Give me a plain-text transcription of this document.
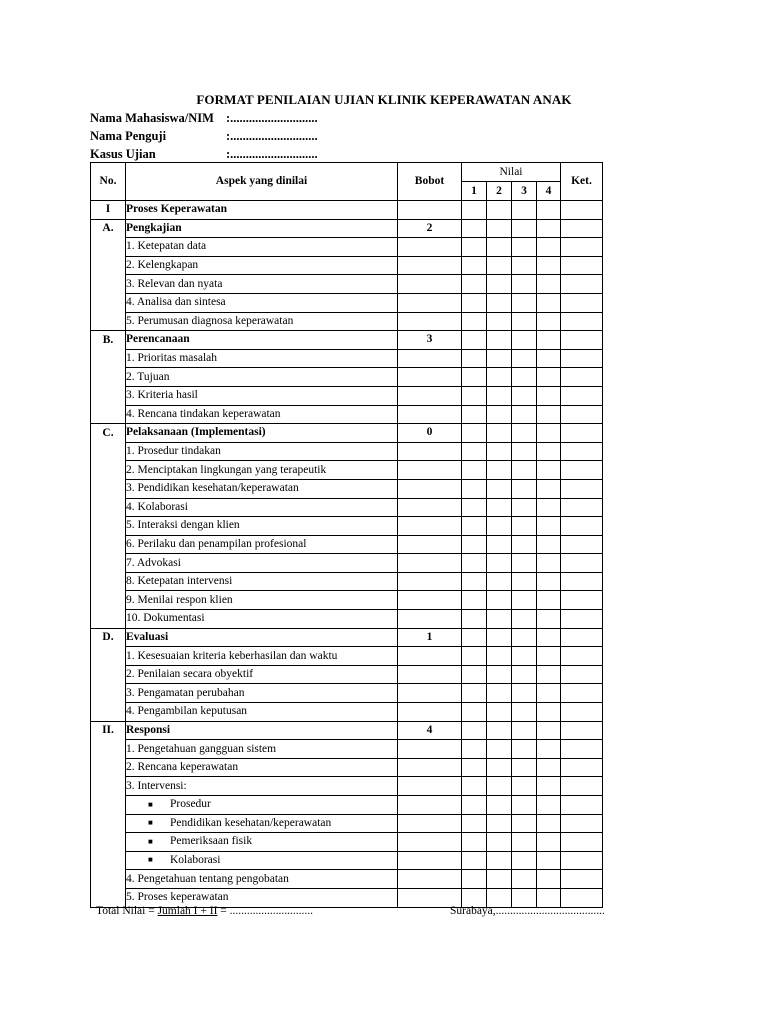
FORMAT PENILAIAN UJIAN KLINIK KEPERAWATAN ANAK
Nama Mahasiswa/NIM :............................
Nama Penguji	:............................
Kasus Ujian	:............................
No.	Aspek yang dinilai	Bobot	Nilai				Ket.
			1	2	3	4	
I	Proses Keperawatan						
A.	Pengkajian	2					
	1. Ketepatan data						
	2. Kelengkapan						
	3. Relevan dan nyata						
	4. Analisa dan sintesa						
	5. Perumusan diagnosa keperawatan						
B.	Perencanaan	3					
	1. Prioritas masalah						
	2. Tujuan						
	3. Kriteria hasil						
	4. Rencana tindakan keperawatan						
C.	Pelaksanaan (Implementasi)	0					
	1. Prosedur tindakan						
	2. Menciptakan lingkungan yang terapeutik						
	3. Pendidikan kesehatan/keperawatan						
	4. Kolaborasi						
	5. Interaksi dengan klien						
	6. Perilaku dan penampilan profesional						
	7. Advokasi						
	8. Ketepatan intervensi						
	9. Menilai respon klien						
	10. Dokumentasi						
D.	Evaluasi	1					
	1. Kesesuaian kriteria keberhasilan dan waktu						
	2. Penilaian secara obyektif						
	3. Pengamatan perubahan						
	4. Pengambilan keputusan						
II.	Responsi	4					
	1. Pengetahuan gangguan sistem						
	2. Rencana keperawatan						
	3. Intervensi:						
	■ Prosedur						
	■ Pendidikan kesehatan/keperawatan						
	■ Pemeriksaan fisik						
	■ Kolaborasi						
	4. Pengetahuan tentang pengobatan						
	5. Proses keperawatan						
Total Nilai = Jumlah I + II = .............................	Surabaya,......................................
